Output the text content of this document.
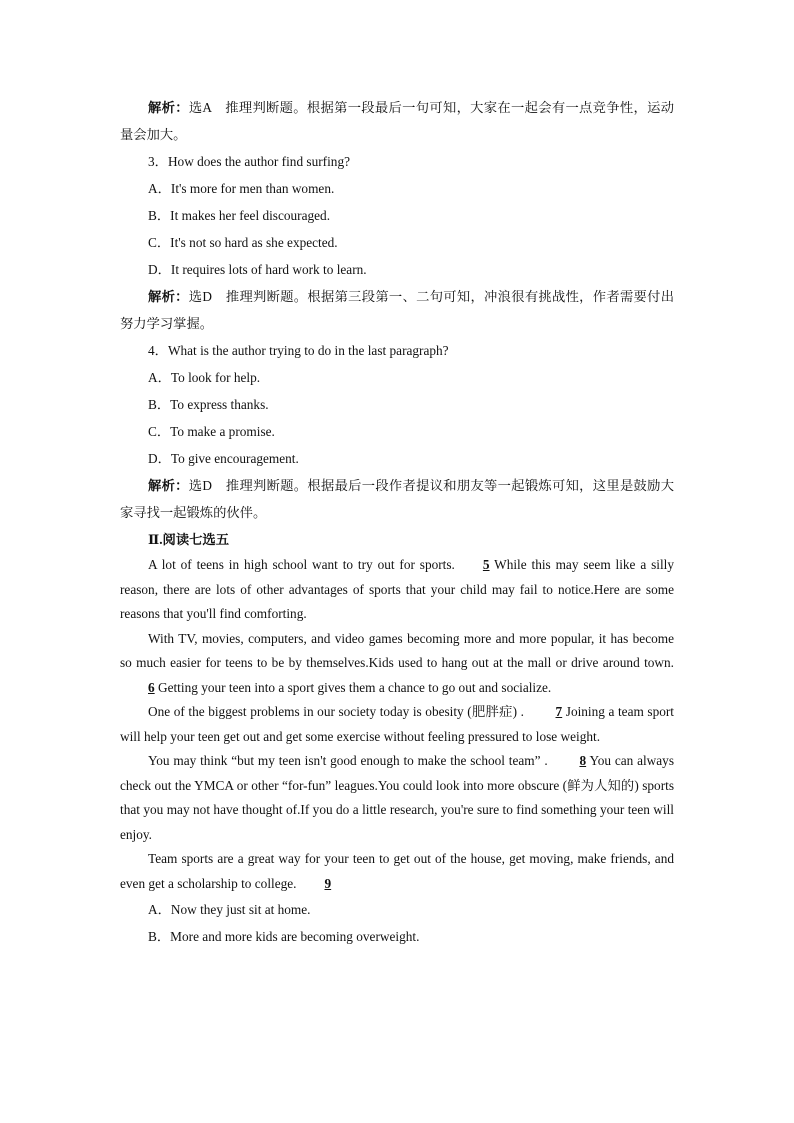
解析：选A　推理判断题。根据第一段最后一句可知，大家在一起会有一点竞争性，运动量会加大。

3．How does the author find surfing?

A．It's more for men than women.

B．It makes her feel discouraged.

C．It's not so hard as she expected.

D．It requires lots of hard work to learn.

解析：选D　推理判断题。根据第三段第一、二句可知，冲浪很有挑战性，作者需要付出努力学习掌握。

4．What is the author trying to do in the last paragraph?

A．To look for help.

B．To express thanks.

C．To make a promise.

D．To give encouragement.

解析：选D　推理判断题。根据最后一段作者提议和朋友等一起锻炼可知，这里是鼓励大家寻找一起锻炼的伙伴。

Ⅱ.阅读七选五

A lot of teens in high school want to try out for sports. 5 While this may seem like a silly reason, there are lots of other advantages of sports that your child may fail to notice.Here are some reasons that you'll find comforting.

With TV, movies, computers, and video games becoming more and more popular, it has become so much easier for teens to be by themselves.Kids used to hang out at the mall or drive around town.6 Getting your teen into a sport gives them a chance to go out and socialize.

One of the biggest problems in our society today is obesity (肥胖症) . 7 Joining a team sport will help your teen get out and get some exercise without feeling pressured to lose weight.

You may think “but my teen isn't good enough to make the school team” . 8 You can always check out the YMCA or other “for-fun” leagues.You could look into more obscure (鲜为人知的) sports that you may not have thought of.If you do a little research, you're sure to find something your teen will enjoy.

Team sports are a great way for your teen to get out of the house, get moving, make friends, and even get a scholarship to college. 9

A．Now they just sit at home.

B．More and more kids are becoming overweight.
